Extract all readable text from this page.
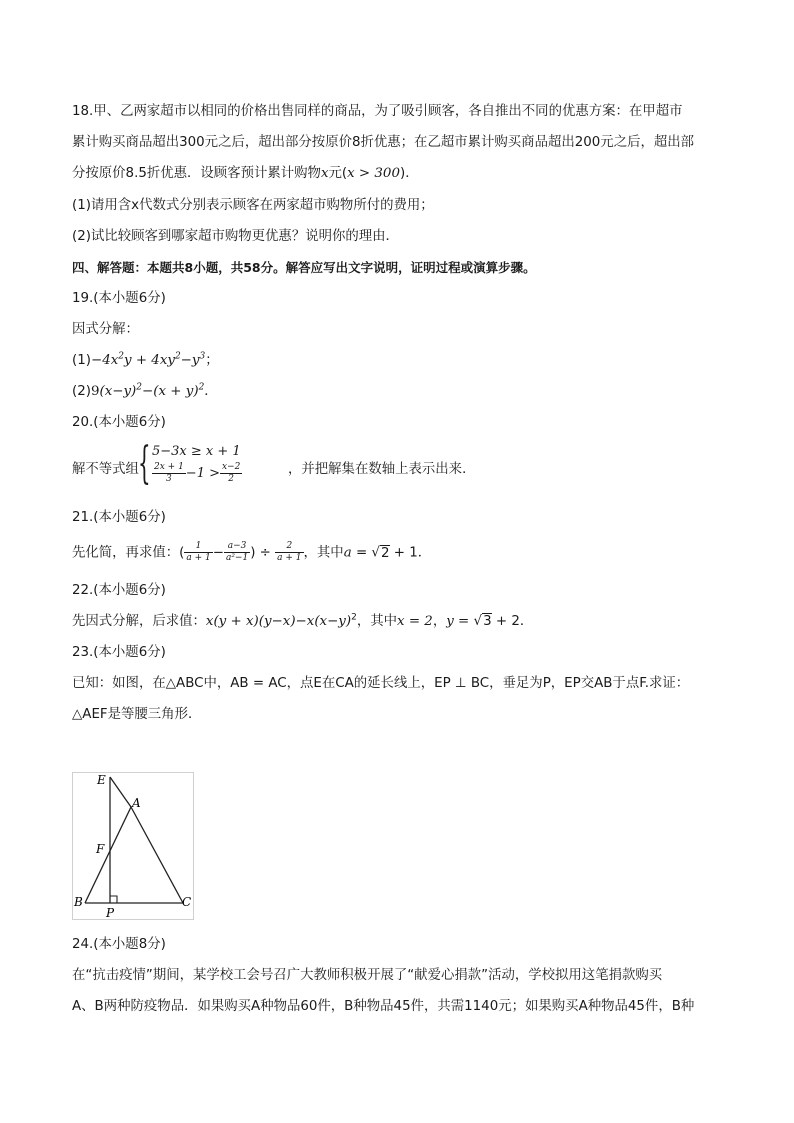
18.甲、乙两家超市以相同的价格出售同样的商品，为了吸引顾客，各自推出不同的优惠方案：在甲超市
累计购买商品超出300元之后，超出部分按原价8折优惠；在乙超市累计购买商品超出200元之后，超出部
分按原价8.5折优惠．设顾客预计累计购物x元(x > 300)．
(1)请用含x代数式分别表示顾客在两家超市购物所付的费用；
(2)试比较顾客到哪家超市购物更优惠？说明你的理由．
四、解答题：本题共8小题，共58分。解答应写出文字说明，证明过程或演算步骤。
19.(本小题6分)
因式分解：
$(1)-4x^2y + 4xy^2-y^3$；
$(2)9(x-y)^2-(x + y)^2$．
20.(本小题6分)
解不等式组 { 5−3x ≥ x + 1
$\frac{2x + 1}{3} -1 > \frac{x-2}{2}$	，并把解集在数轴上表示出来．
21.(本小题6分)
先化简，再求值：( $\frac{1}{a + 1} - \frac{a-3}{\text{a²−1}}$ ) ÷ $\frac{2}{a + 1}$ ，其中a = √2 + 1．
22.(本小题6分)
先因式分解，后求值：$x(y + x)(y-x)-x(x-y)^2$，其中x = 2，y = √3 + 2．
23.(本小题6分)
已知：如图，在△ABC中，AB = AC，点E在CA的延长线上，EP ⊥ BC，垂足为P，EP交AB于点F.求证：
△AEF是等腰三角形．
E
A
F
B
P
C
24.(本小题8分)
在“抗击疫情”期间，某学校工会号召广大教师积极开展了“献爱心捐款”活动，学校拟用这笔捐款购买
A、B两种防疫物品．如果购买A种物品60件，B种物品45件，共需1140元；如果购买A种物品45件，B种
